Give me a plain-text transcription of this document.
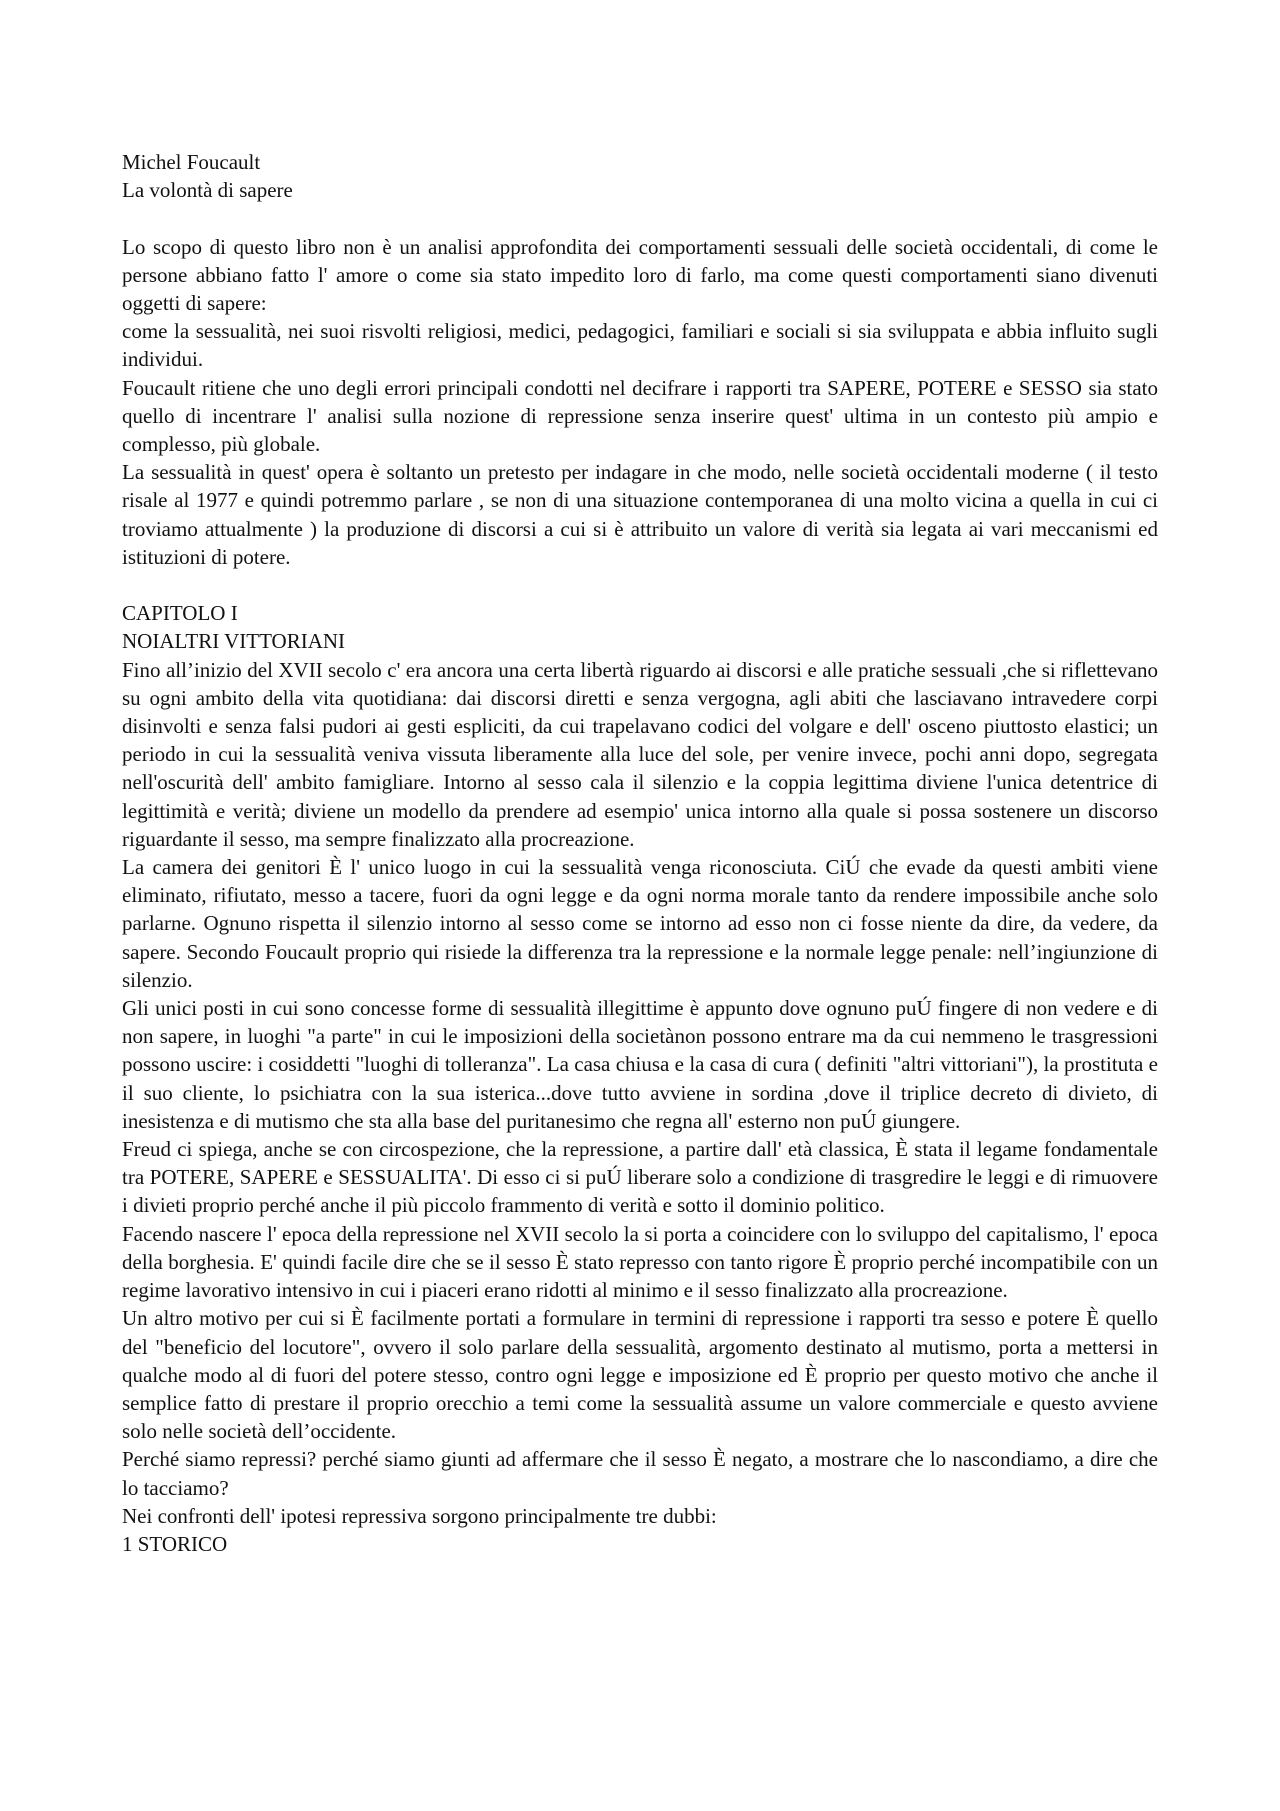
Michel Foucault
La volontà di sapere

Lo scopo di questo libro non è un analisi approfondita dei comportamenti sessuali delle società occidentali, di come le persone abbiano fatto l' amore o come sia stato impedito loro di farlo, ma come questi comportamenti siano divenuti oggetti di sapere:

come la sessualità, nei suoi risvolti religiosi, medici, pedagogici, familiari e sociali si sia sviluppata e abbia influito sugli individui.

Foucault ritiene che uno degli errori principali condotti nel decifrare i rapporti tra SAPERE, POTERE e SESSO sia stato quello di incentrare l' analisi sulla nozione di repressione senza inserire quest' ultima in un contesto più ampio e complesso, più globale.

La sessualità in quest' opera è soltanto un pretesto per indagare in che modo, nelle società occidentali moderne ( il testo risale al 1977 e quindi potremmo parlare , se non di una situazione contemporanea di una molto vicina a quella in cui ci troviamo attualmente ) la produzione di discorsi a cui si è attribuito un valore di verità sia legata ai vari meccanismi ed istituzioni di potere.

CAPITOLO I
NOIALTRI VITTORIANI

Fino all’inizio del XVII secolo c' era ancora una certa libertà riguardo ai discorsi e alle pratiche sessuali ,che si riflettevano su ogni ambito della vita quotidiana: dai discorsi diretti e senza vergogna, agli abiti che lasciavano intravedere corpi disinvolti e senza falsi pudori ai gesti espliciti, da cui trapelavano codici del volgare e dell' osceno piuttosto elastici; un periodo in cui la sessualità veniva vissuta liberamente alla luce del sole, per venire invece, pochi anni dopo, segregata nell'oscurità dell' ambito famigliare. Intorno al sesso cala il silenzio e la coppia legittima diviene l'unica detentrice di legittimità e verità; diviene un modello da prendere ad esempio' unica intorno alla quale si possa sostenere un discorso riguardante il sesso, ma sempre finalizzato alla procreazione.

La camera dei genitori È l' unico luogo in cui la sessualità venga riconosciuta. CiÚ che evade da questi ambiti viene eliminato, rifiutato, messo a tacere, fuori da ogni legge e da ogni norma morale tanto da rendere impossibile anche solo parlarne. Ognuno rispetta il silenzio intorno al sesso come se intorno ad esso non ci fosse niente da dire, da vedere, da sapere. Secondo Foucault proprio qui risiede la differenza tra la repressione e la normale legge penale: nell’ingiunzione di silenzio.

Gli unici posti in cui sono concesse forme di sessualità illegittime è appunto dove ognuno puÚ fingere di non vedere e di non sapere, in luoghi "a parte" in cui le imposizioni della societànon possono entrare ma da cui nemmeno le trasgressioni possono uscire: i cosiddetti "luoghi di tolleranza". La casa chiusa e la casa di cura ( definiti "altri vittoriani"), la prostituta e il suo cliente, lo psichiatra con la sua isterica...dove tutto avviene in sordina ,dove il triplice decreto di divieto, di inesistenza e di mutismo che sta alla base del puritanesimo che regna all' esterno non puÚ giungere.

Freud ci spiega, anche se con circospezione, che la repressione, a partire dall' età classica, È stata il legame fondamentale tra POTERE, SAPERE e SESSUALITA'. Di esso ci si puÚ liberare solo a condizione di trasgredire le leggi e di rimuovere i divieti proprio perché anche il più piccolo frammento di verità e sotto il dominio politico.

Facendo nascere l' epoca della repressione nel XVII secolo la si porta a coincidere con lo sviluppo del capitalismo, l' epoca della borghesia. E' quindi facile dire che se il sesso È stato represso con tanto rigore È proprio perché incompatibile con un regime lavorativo intensivo in cui i piaceri erano ridotti al minimo e il sesso finalizzato alla procreazione.

Un altro motivo per cui si È facilmente portati a formulare in termini di repressione i rapporti tra sesso e potere È quello del "beneficio del locutore", ovvero il solo parlare della sessualità, argomento destinato al mutismo, porta a mettersi in qualche modo al di fuori del potere stesso, contro ogni legge e imposizione ed È proprio per questo motivo che anche il semplice fatto di prestare il proprio orecchio a temi come la sessualità assume un valore commerciale e questo avviene solo nelle società dell’occidente.

Perché siamo repressi? perché siamo giunti ad affermare che il sesso È negato, a mostrare che lo nascondiamo, a dire che lo tacciamo?

Nei confronti dell' ipotesi repressiva sorgono principalmente tre dubbi:
1 STORICO
